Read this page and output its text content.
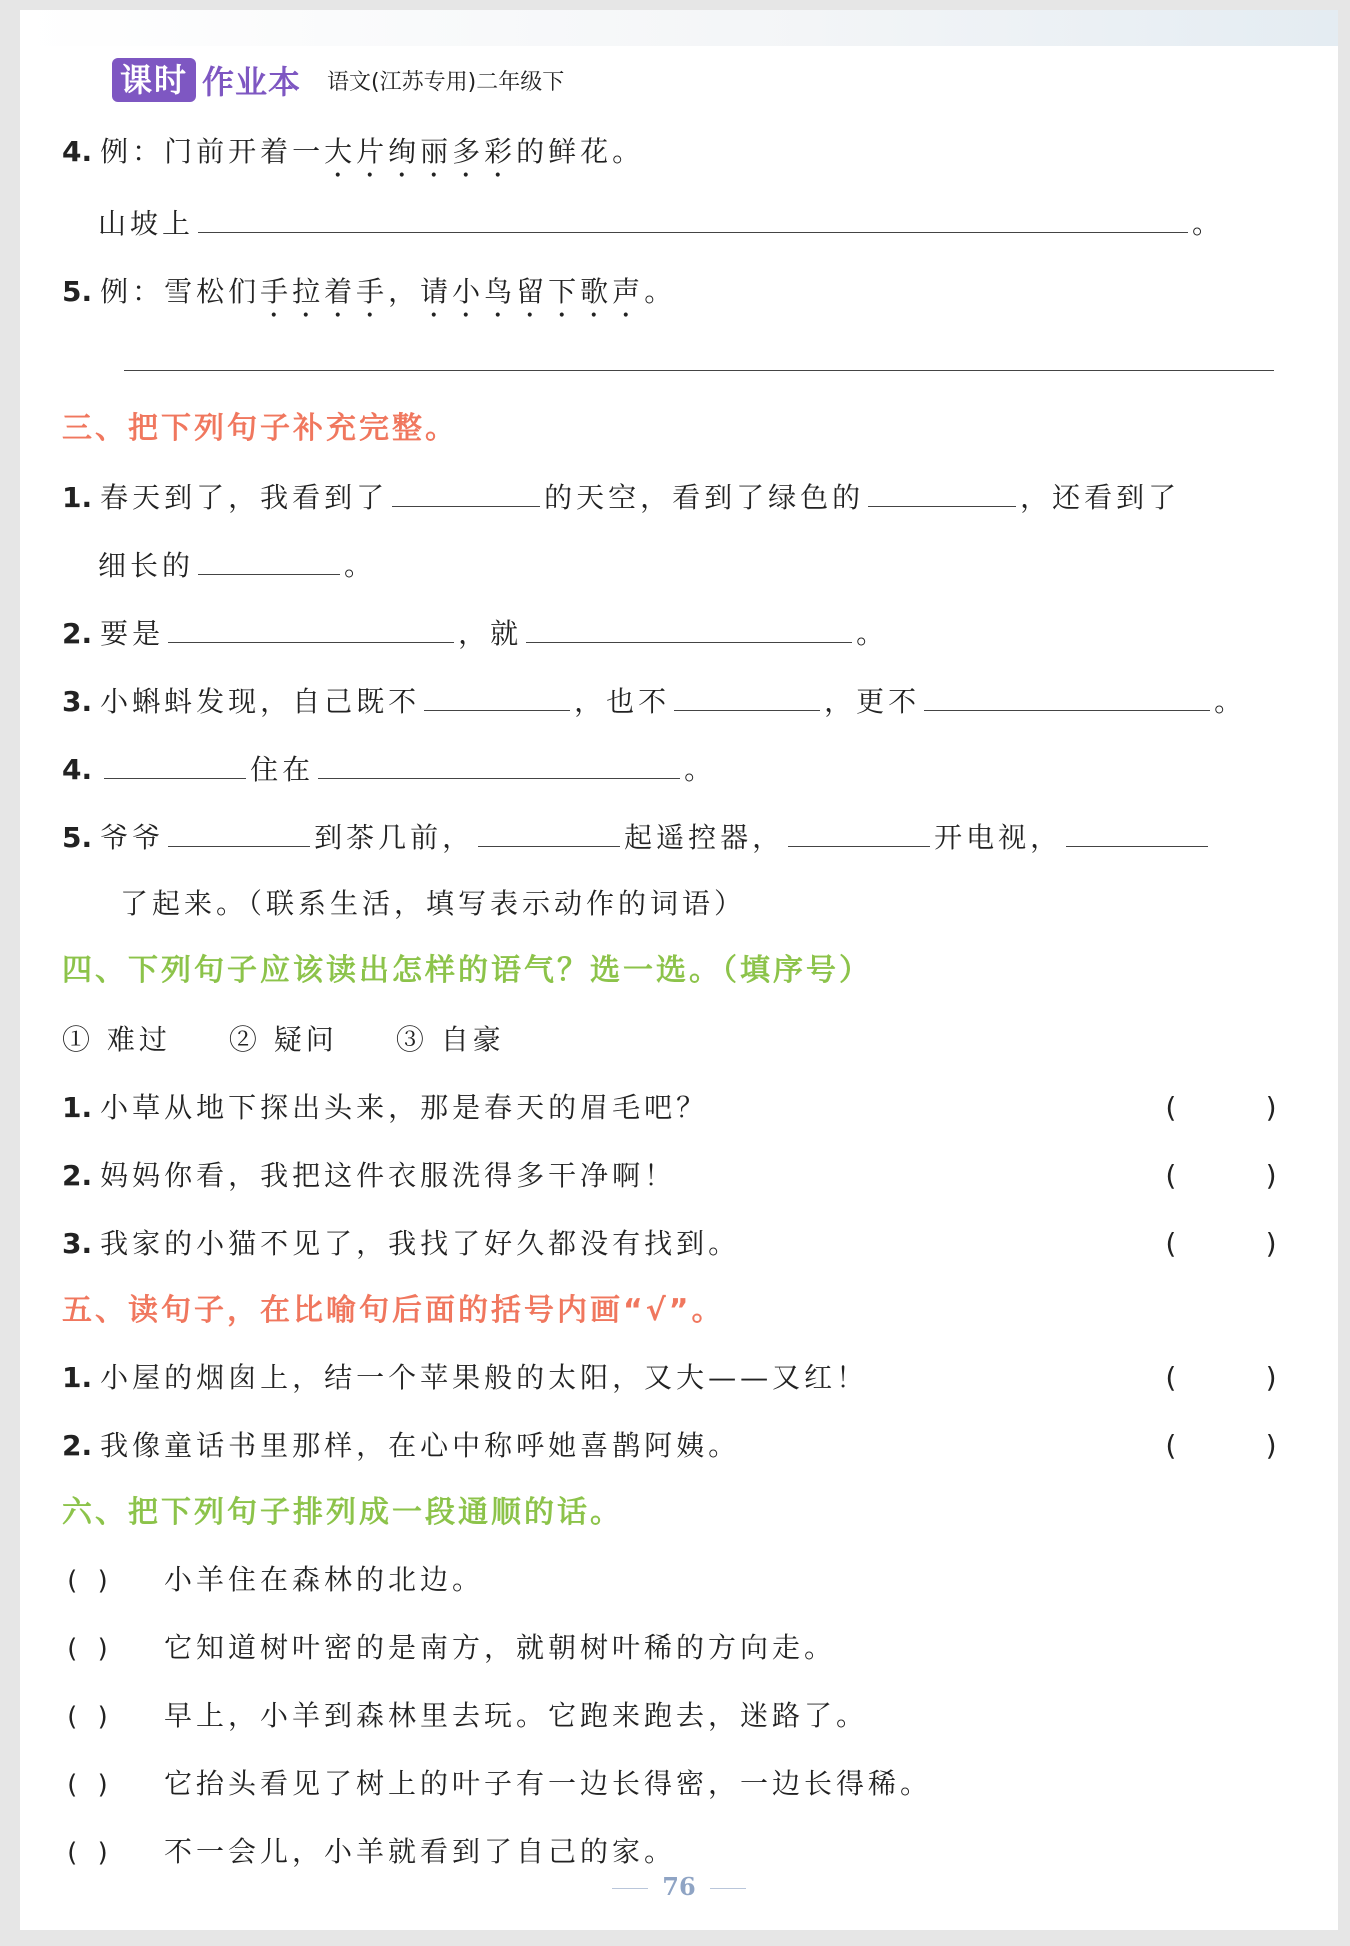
课时 作业本 语文(江苏专用)二年级下
4. 例：门前开着一大片绚丽多彩的鲜花。
山坡上	。
5. 例：雪松们手拉着手，请小鸟留下歌声。
三、把下列句子补充完整。
1. 春天到了，我看到了	的天空，看到了绿色的	，还看到了
细长的	。
2. 要是	，就	。
3. 小蝌蚪发现，自己既不	，也不	，更不	。
4.	住在	。
5. 爷爷	到茶几前，	起遥控器，	开电视，
了起来。（联系生活，填写表示动作的词语）
四、下列句子应该读出怎样的语气？选一选。（填序号）
① 难过 ② 疑问 ③ 自豪
1. 小草从地下探出头来，那是春天的眉毛吧？	(     )
2. 妈妈你看，我把这件衣服洗得多干净啊！	(     )
3. 我家的小猫不见了，我找了好久都没有找到。	(     )
五、读句子，在比喻句后面的括号内画“√”。
1. 小屋的烟囱上，结一个苹果般的太阳，又大——又红！	(     )
2. 我像童话书里那样，在心中称呼她喜鹊阿姨。	(     )
六、把下列句子排列成一段通顺的话。
( ) 小羊住在森林的北边。
( ) 它知道树叶密的是南方，就朝树叶稀的方向走。
( ) 早上，小羊到森林里去玩。它跑来跑去，迷路了。
( ) 它抬头看见了树上的叶子有一边长得密，一边长得稀。
( ) 不一会儿，小羊就看到了自己的家。
76
